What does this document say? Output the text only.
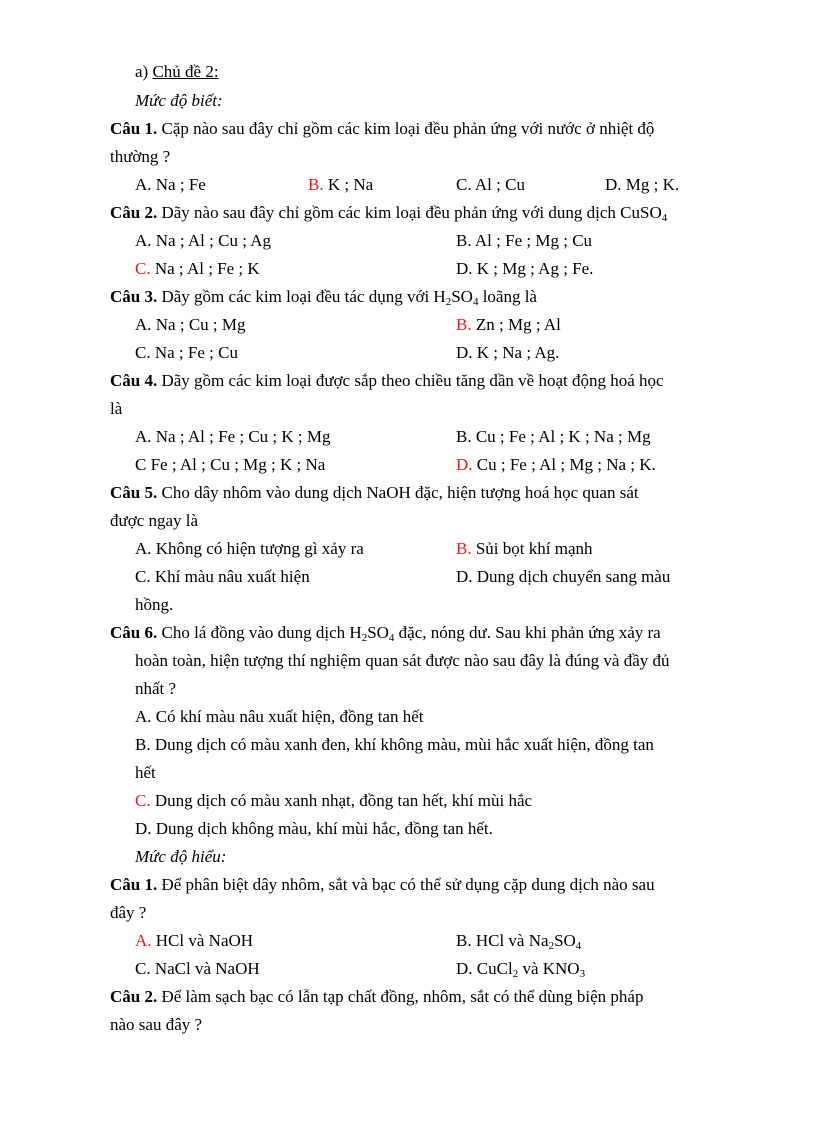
a) Chủ đề 2:
Mức độ biết:
Câu 1. Cặp nào sau đây chỉ gồm các kim loại đều phản ứng với nước ở nhiệt độ
thường ?
A. Na ; Fe	B. K ; Na	C. Al ; Cu	D. Mg ; K.
Câu 2. Dãy nào sau đây chỉ gồm các kim loại đều phản ứng với dung dịch CuSO$_4$
A. Na ; Al ; Cu ; Ag	B. Al ; Fe ; Mg ; Cu
C. Na ; Al ; Fe ; K	D. K ; Mg ; Ag ; Fe.
Câu 3. Dãy gồm các kim loại đều tác dụng với $H_2SO_4$ loãng là
A. Na ; Cu ; Mg	B. Zn ; Mg ; Al
C. Na ; Fe ; Cu	D. K ; Na ; Ag.
Câu 4. Dãy gồm các kim loại được sắp theo chiều tăng dần về hoạt động hoá học
là
A. Na ; Al ; Fe ; Cu ; K ; Mg	B. Cu ; Fe ; Al ; K ; Na ; Mg
C Fe ; Al ; Cu ; Mg ; K ; Na	D. Cu ; Fe ; Al ; Mg ; Na ; K.
Câu 5. Cho dây nhôm vào dung dịch NaOH đặc, hiện tượng hoá học quan sát
được ngay là
A. Không có hiện tượng gì xảy ra	B. Sủi bọt khí mạnh
C. Khí màu nâu xuất hiện	D. Dung dịch chuyển sang màu
hồng.
Câu 6. Cho lá đồng vào dung dịch $H_2SO_4$ đặc, nóng dư. Sau khi phản ứng xảy ra
hoàn toàn, hiện tượng thí nghiệm quan sát được nào sau đây là đúng và đầy đủ
nhất ?
A. Có khí màu nâu xuất hiện, đồng tan hết
B. Dung dịch có màu xanh đen, khí không màu, mùi hắc xuất hiện, đồng tan
hết
C. Dung dịch có màu xanh nhạt, đồng tan hết, khí mùi hắc
D. Dung dịch không màu, khí mùi hắc, đồng tan hết.
Mức độ hiểu:
Câu 1. Để phân biệt dây nhôm, sắt và bạc có thể sử dụng cặp dung dịch nào sau
đây ?
A. HCl và NaOH	B. HCl và $Na_2SO_4$
C. NaCl và NaOH	D. CuCl$_2$ và $KNO_3$
Câu 2. Để làm sạch bạc có lẫn tạp chất đồng, nhôm, sắt có thể dùng biện pháp
nào sau đây ?
